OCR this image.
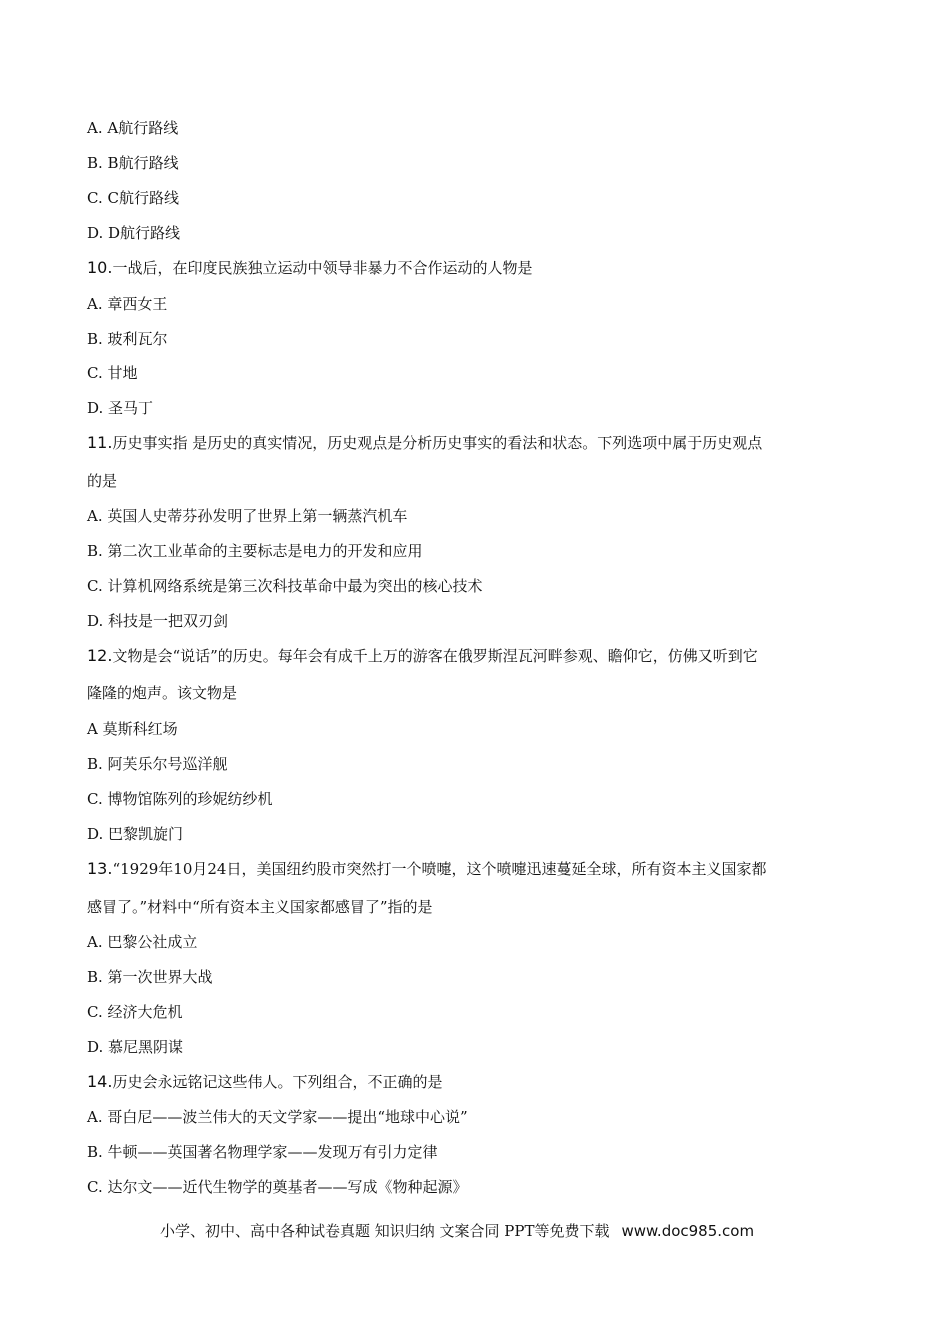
A. A航行路线
B. B航行路线
C. C航行路线
D. D航行路线
10.一战后，在印度民族独立运动中领导非暴力不合作运动的人物是
A. 章西女王
B. 玻利瓦尔
C. 甘地
D. 圣马丁
11.历史事实指 是历史的真实情况，历史观点是分析历史事实的看法和状态。下列选项中属于历史观点
的是
A. 英国人史蒂芬孙发明了世界上第一辆蒸汽机车
B. 第二次工业革命的主要标志是电力的开发和应用
C. 计算机网络系统是第三次科技革命中最为突出的核心技术
D. 科技是一把双刃剑
12.文物是会“说话”的历史。每年会有成千上万的游客在俄罗斯涅瓦河畔参观、瞻仰它，仿佛又听到它
隆隆的炮声。该文物是
A 莫斯科红场
B. 阿芙乐尔号巡洋舰
C. 博物馆陈列的珍妮纺纱机
D. 巴黎凯旋门
13.“1929年10月24日，美国纽约股市突然打一个喷嚏，这个喷嚏迅速蔓延全球，所有资本主义国家都
感冒了。”材料中“所有资本主义国家都感冒了”指的是
A. 巴黎公社成立
B. 第一次世界大战
C. 经济大危机
D. 慕尼黑阴谋
14.历史会永远铭记这些伟人。下列组合，不正确的是
A. 哥白尼——波兰伟大的天文学家——提出“地球中心说”
B. 牛顿——英国著名物理学家——发现万有引力定律
C. 达尔文——近代生物学的奠基者——写成《物种起源》
小学、初中、高中各种试卷真题 知识归纳 文案合同 PPT等免费下载 www.doc985.com
